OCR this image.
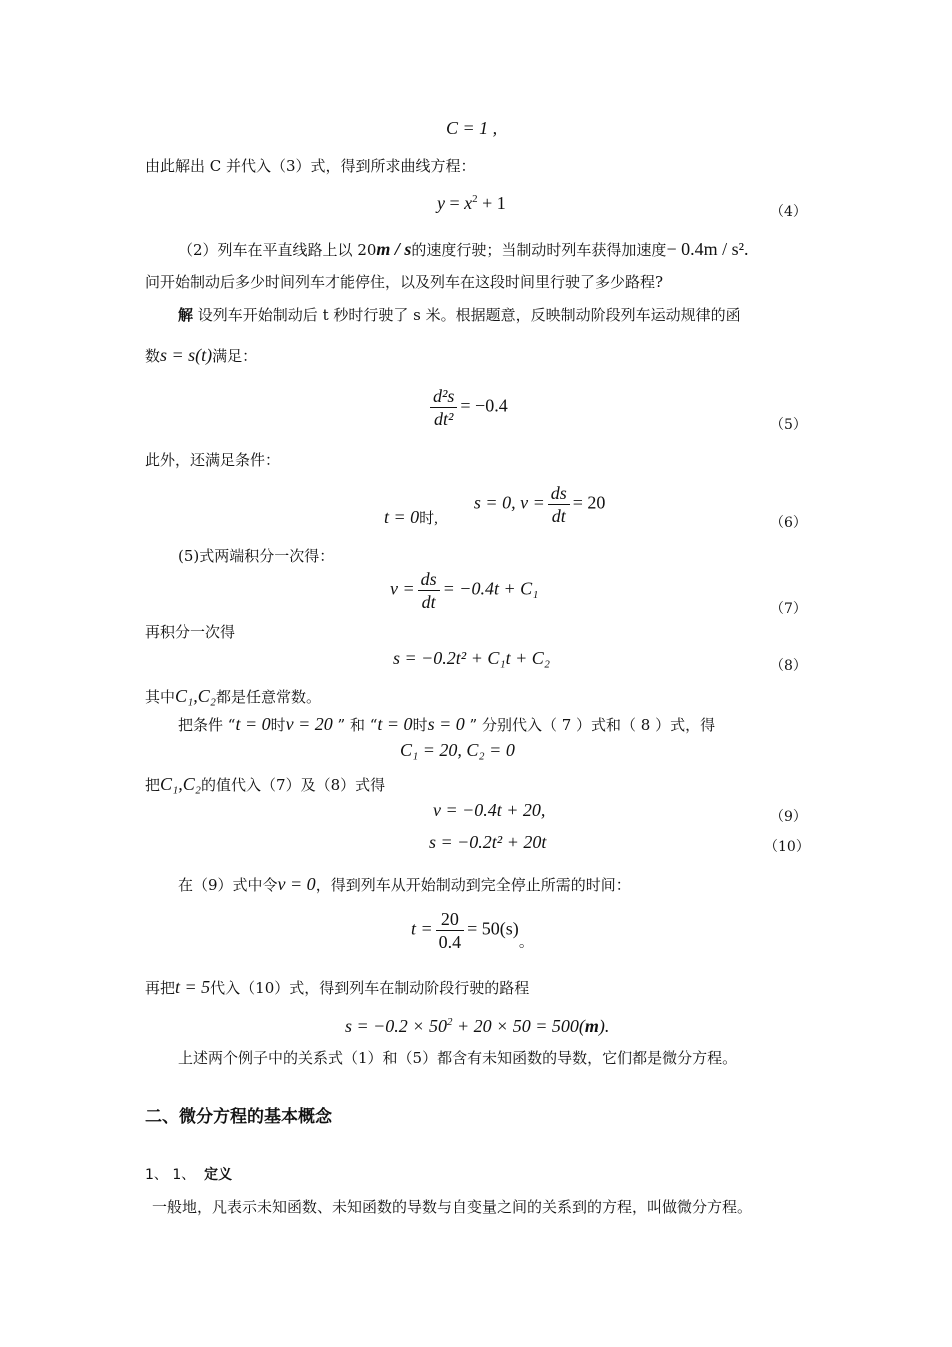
C = 1 ,
由此解出 C 并代入（3）式，得到所求曲线方程：
$y = x^2 + 1$	（4）
（2）列车在平直线路上以 20m / s的速度行驶；当制动时列车获得加速度− 0.4m / s².
问开始制动后多少时间列车才能停住，以及列车在这段时间里行驶了多少路程?
解 设列车开始制动后 t 秒时行驶了 s 米。根据题意，反映制动阶段列车运动规律的函
数s = s(t)满足：
$\frac{\text{d²s}}{\text{dt²}} = -0.4$
（5）
此外，还满足条件：
t = 0时,        s = 0, $v = \frac{ds}{dt} = 20$
（6）
(5)式两端积分一次得：
$v = \frac{ds}{dt} = -0.4t + C_1$
（7）
再积分一次得
s = −0.2t² + C₁t + C₂	（8）
其中C₁,C₂都是任意常数。
把条件 “t = 0时v = 20 ” 和 “t = 0时s = 0 ” 分别代入（ 7 ）式和（ 8 ）式，得
C₁ = 20, C₂ = 0
把C₁,C₂的值代入（7）及（8）式得
v = −0.4t + 20,	（9）
s = −0.2t² + 20t	（10）
在（9）式中令v = 0，得到列车从开始制动到完全停止所需的时间：
$t = \frac{20}{0.4} = 50(s)_。$
再把t = 5代入（10）式，得到列车在制动阶段行驶的路程
$s = -0.2 \times 50^2 + 20 \times 50 = 500(m)$.
上述两个例子中的关系式（1）和（5）都含有未知函数的导数，它们都是微分方程。
二、微分方程的基本概念
1、 1、 定义
一般地，凡表示未知函数、未知函数的导数与自变量之间的关系到的方程，叫做微分方程。
